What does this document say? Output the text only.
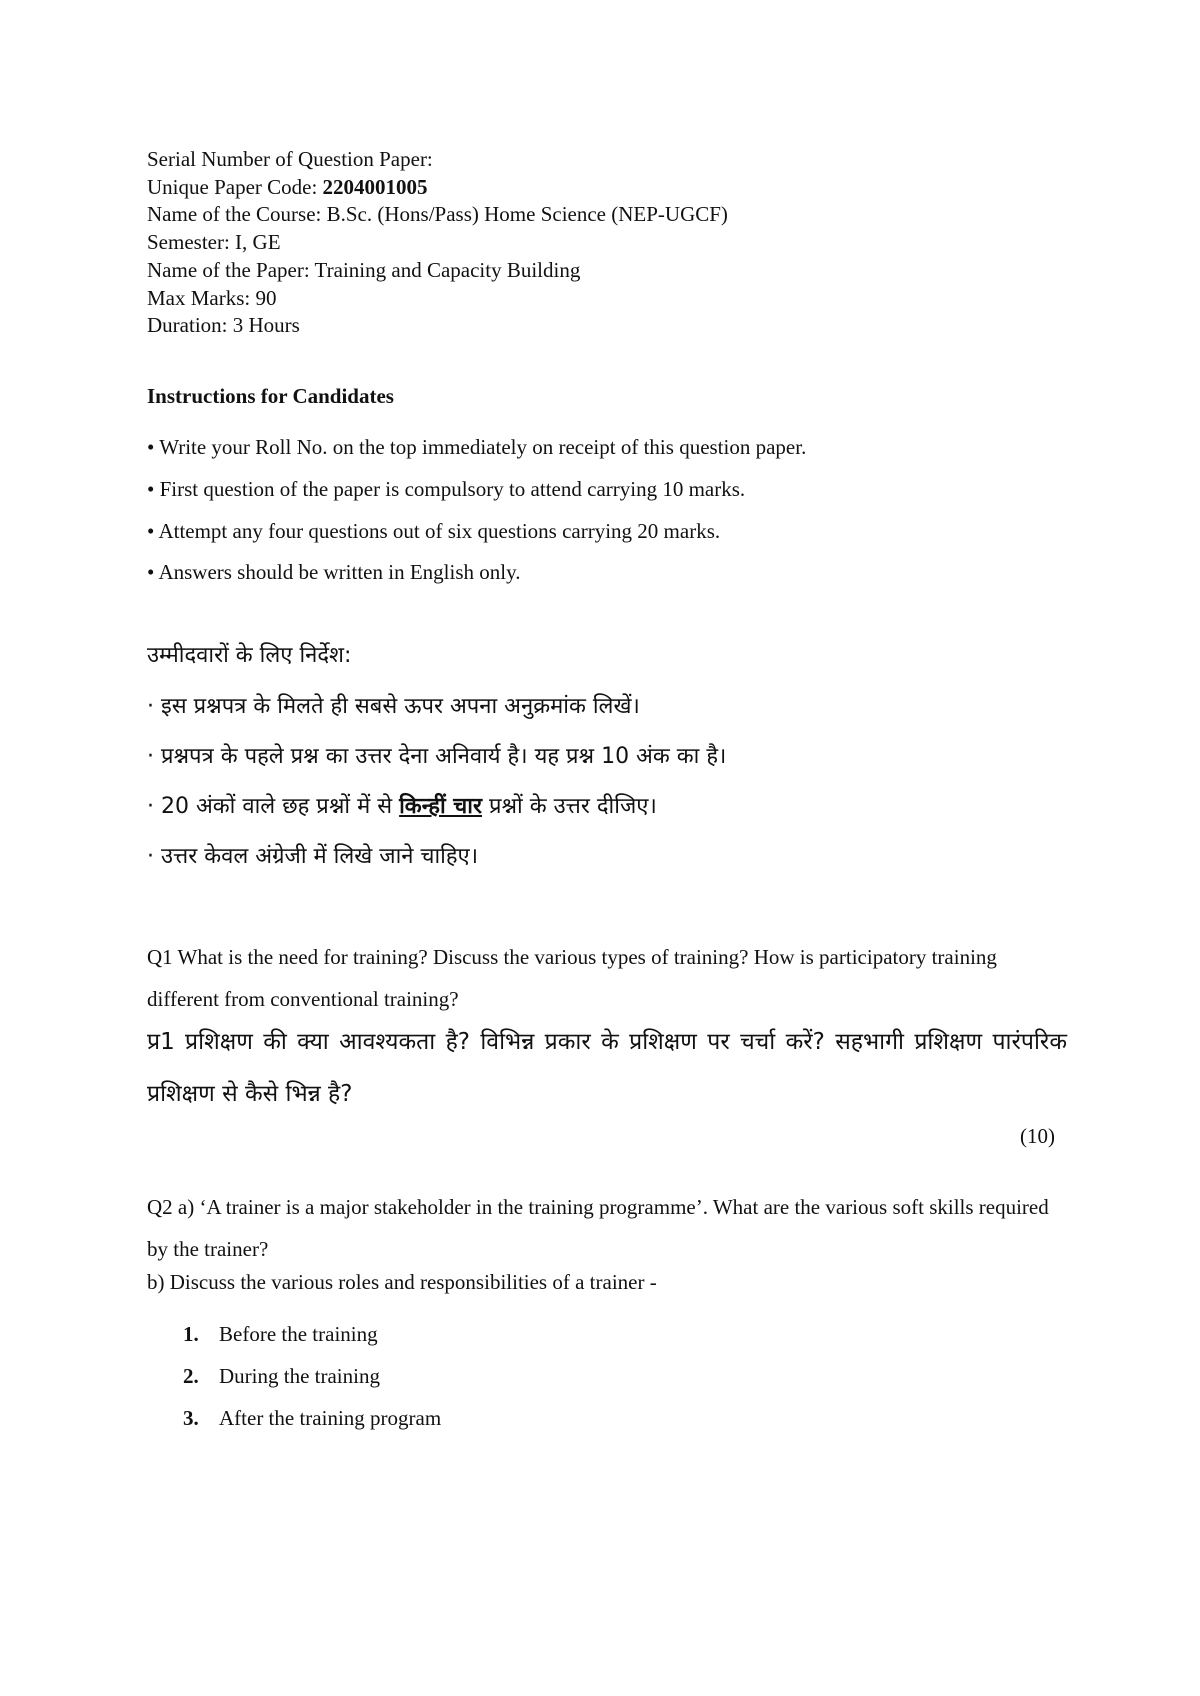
Serial Number of Question Paper:
Unique Paper Code: 2204001005
Name of the Course: B.Sc. (Hons/Pass) Home Science (NEP-UGCF)
Semester: I, GE
Name of the Paper: Training and Capacity Building
Max Marks: 90
Duration: 3 Hours
Instructions for Candidates
• Write your Roll No. on the top immediately on receipt of this question paper.
• First question of the paper is compulsory to attend carrying 10 marks.
• Attempt any four questions out of six questions carrying 20 marks.
• Answers should be written in English only.
उम्मीदवारों के लिए निर्देश:
· इस प्रश्नपत्र के मिलते ही सबसे ऊपर अपना अनुक्रमांक लिखें।
· प्रश्नपत्र के पहले प्रश्न का उत्तर देना अनिवार्य है। यह प्रश्न 10 अंक का है।
· 20 अंकों वाले छह प्रश्नों में से किन्हीं चार प्रश्नों के उत्तर दीजिए।
· उत्तर केवल अंग्रेजी में लिखे जाने चाहिए।
Q1 What is the need for training? Discuss the various types of training? How is participatory training different from conventional training?
प्र1 प्रशिक्षण की क्या आवश्यकता है? विभिन्न प्रकार के प्रशिक्षण पर चर्चा करें? सहभागी प्रशिक्षण पारंपरिक प्रशिक्षण से कैसे भिन्न है?
(10)
Q2 a) ‘A trainer is a major stakeholder in the training programme’. What are the various soft skills required by the trainer?
b) Discuss the various roles and responsibilities of a trainer -
1. Before the training
2. During the training
3. After the training program
